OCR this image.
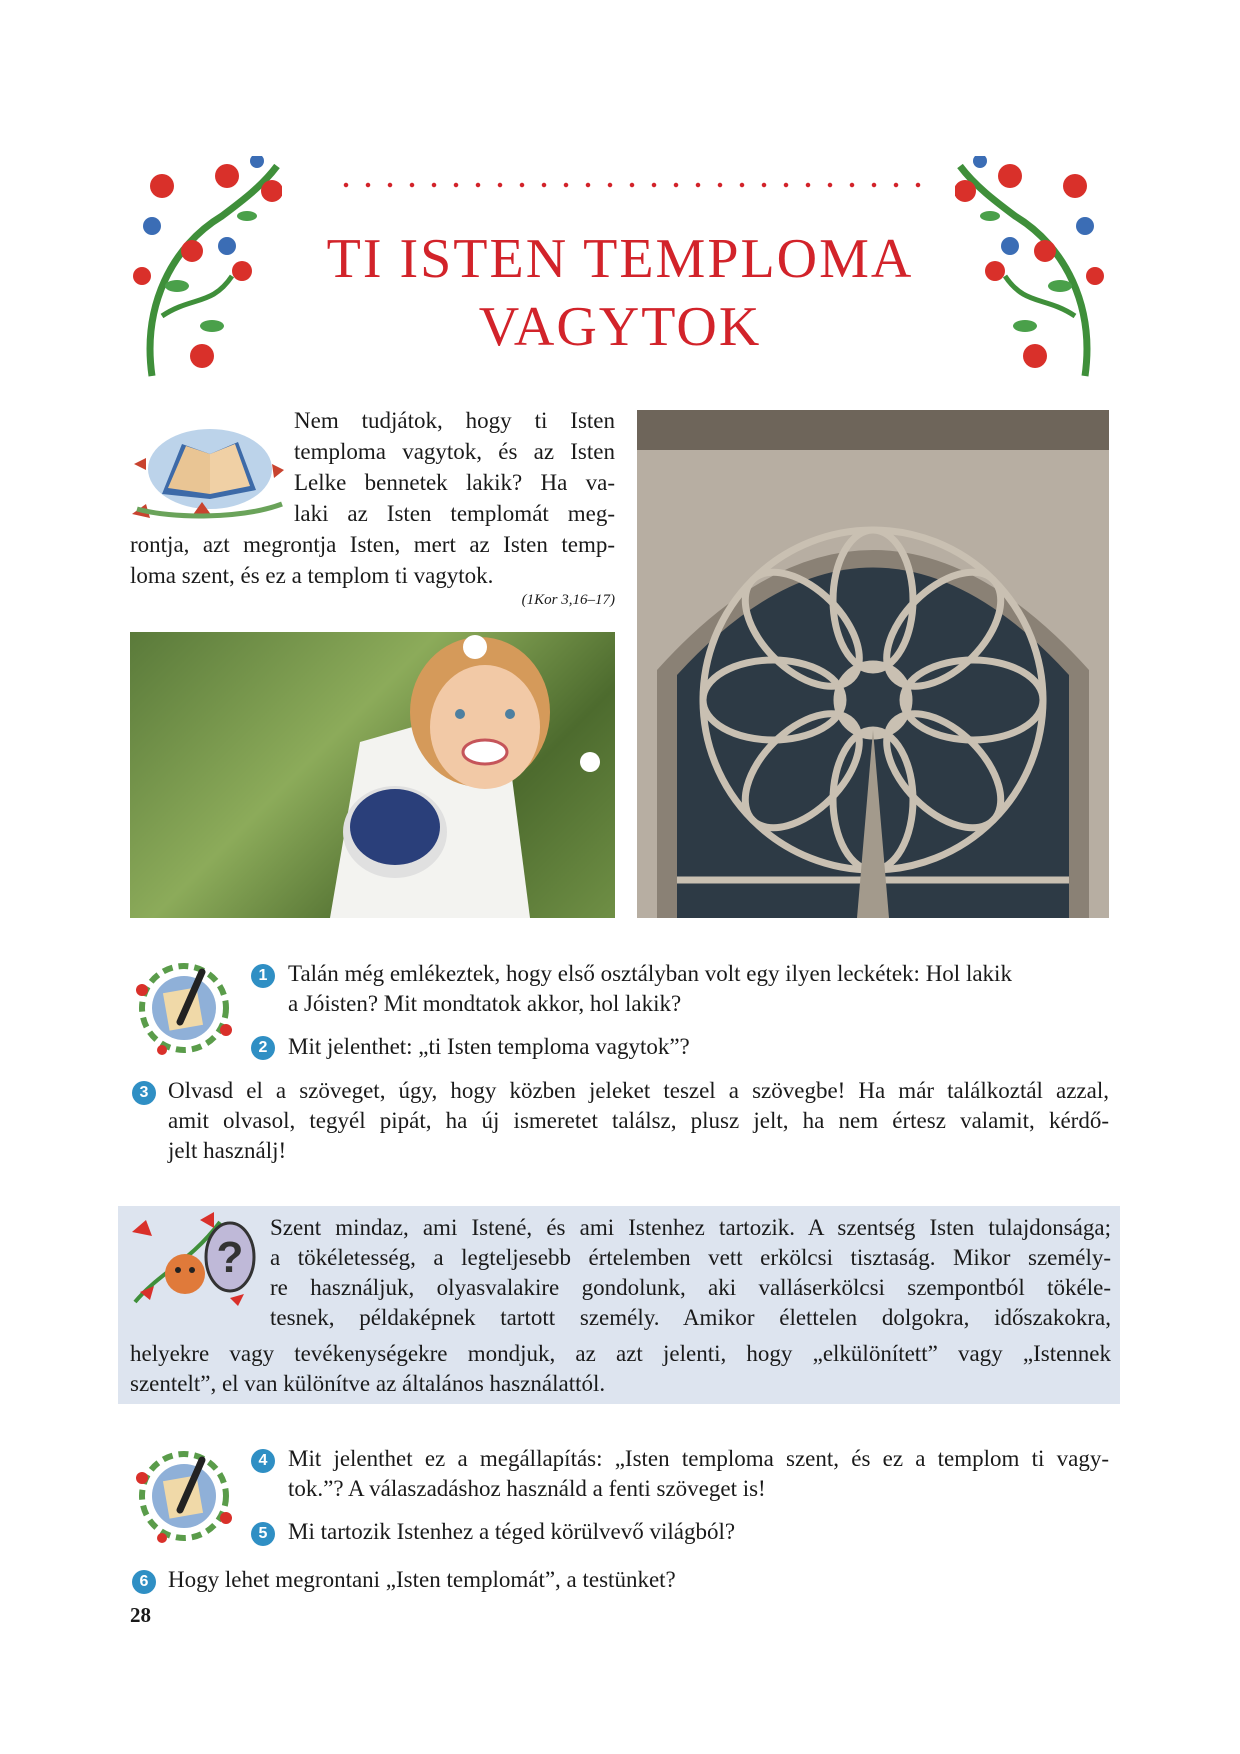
TI ISTEN TEMPLOMA
VAGYTOK
Nem tudjátok, hogy ti Isten
temploma vagytok, és az Isten
Lelke bennetek lakik? Ha va-
laki az Isten templomát meg-
rontja, azt megrontja Isten, mert az Isten temp-
loma szent, és ez a templom ti vagytok.
(1Kor 3,16–17)
1 Talán még emlékeztek, hogy első osztályban volt egy ilyen leckétek: Hol lakik
a Jóisten? Mit mondtatok akkor, hol lakik?
2 Mit jelenthet: „ti Isten temploma vagytok”?
3 Olvasd el a szöveget, úgy, hogy közben jeleket teszel a szövegbe! Ha már találkoztál azzal,
amit olvasol, tegyél pipát, ha új ismeretet találsz, plusz jelt, ha nem értesz valamit, kérdő-
jelt használj!
?
Szent mindaz, ami Istené, és ami Istenhez tartozik. A szentség Isten tulajdonsága;
a tökéletesség, a legteljesebb értelemben vett erkölcsi tisztaság. Mikor személy-
re használjuk, olyasvalakire gondolunk, aki valláserkölcsi szempontból tökéle-
tesnek, példaképnek tartott személy. Amikor élettelen dolgokra, időszakokra,
helyekre vagy tevékenységekre mondjuk, az azt jelenti, hogy „elkülönített” vagy „Istennek
szentelt”, el van különítve az általános használattól.
4 Mit jelenthet ez a megállapítás: „Isten temploma szent, és ez a templom ti vagy-
tok.”? A válaszadáshoz használd a fenti szöveget is!
5 Mi tartozik Istenhez a téged körülvevő világból?
6 Hogy lehet megrontani „Isten templomát”, a testünket?
28
